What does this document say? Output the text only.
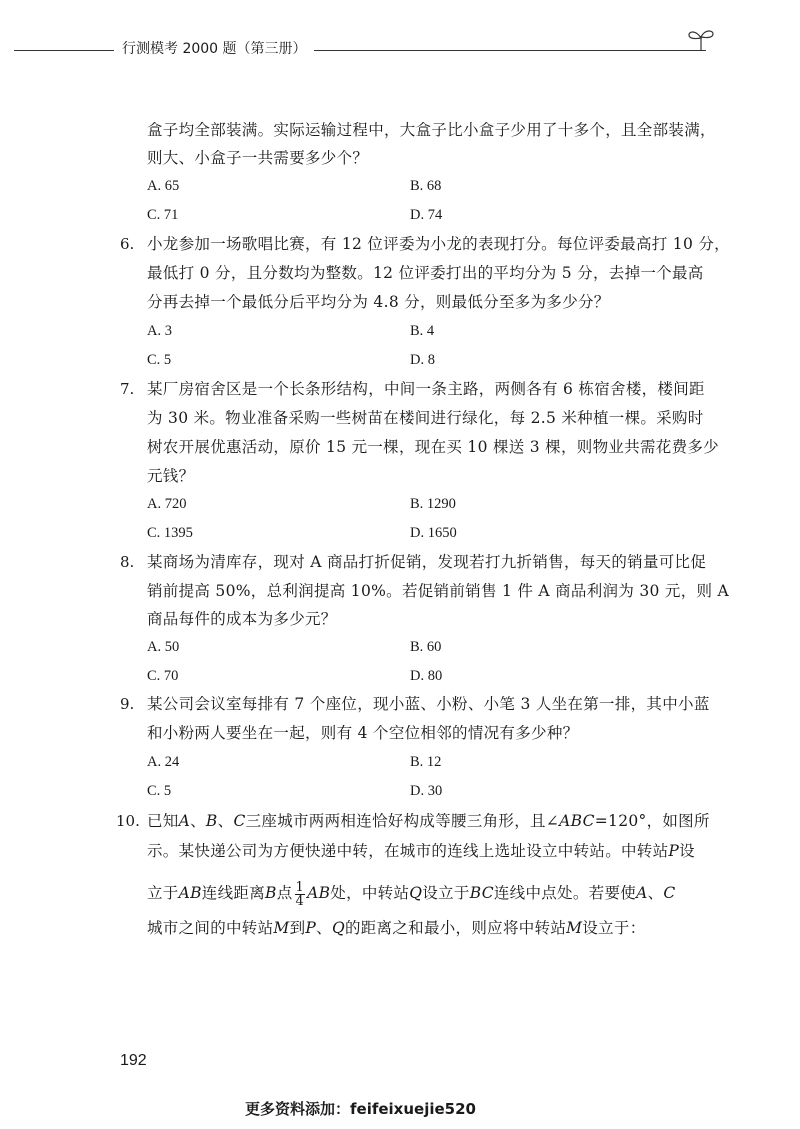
行测模考 2000 题（第三册）
盒子均全部装满。实际运输过程中，大盒子比小盒子少用了十多个，且全部装满，
则大、小盒子一共需要多少个？
A. 65	B. 68
C. 71	D. 74
6. 小龙参加一场歌唱比赛，有 12 位评委为小龙的表现打分。每位评委最高打 10 分，
最低打 0 分，且分数均为整数。12 位评委打出的平均分为 5 分，去掉一个最高
分再去掉一个最低分后平均分为 4.8 分，则最低分至多为多少分？
A. 3	B. 4
C. 5	D. 8
7. 某厂房宿舍区是一个长条形结构，中间一条主路，两侧各有 6 栋宿舍楼，楼间距
为 30 米。物业准备采购一些树苗在楼间进行绿化，每 2.5 米种植一棵。采购时
树农开展优惠活动，原价 15 元一棵，现在买 10 棵送 3 棵，则物业共需花费多少
元钱？
A. 720	B. 1290
C. 1395	D. 1650
8. 某商场为清库存，现对 A 商品打折促销，发现若打九折销售，每天的销量可比促
销前提高 50%，总利润提高 10%。若促销前销售 1 件 A 商品利润为 30 元，则 A
商品每件的成本为多少元？
A. 50	B. 60
C. 70	D. 80
9. 某公司会议室每排有 7 个座位，现小蓝、小粉、小笔 3 人坐在第一排，其中小蓝
和小粉两人要坐在一起，则有 4 个空位相邻的情况有多少种？
A. 24	B. 12
C. 5	D. 30
10. 已知A、B、C三座城市两两相连恰好构成等腰三角形，且∠ABC=120°，如图所
示。某快递公司为方便快递中转，在城市的连线上选址设立中转站。中转站P设
立于AB连线距离B点 $\frac{1}{4}$ AB处，中转站Q设立于BC连线中点处。若要使A、C
城市之间的中转站M到P、Q的距离之和最小，则应将中转站M设立于：
192
更多资料添加：feifeixuejie520
